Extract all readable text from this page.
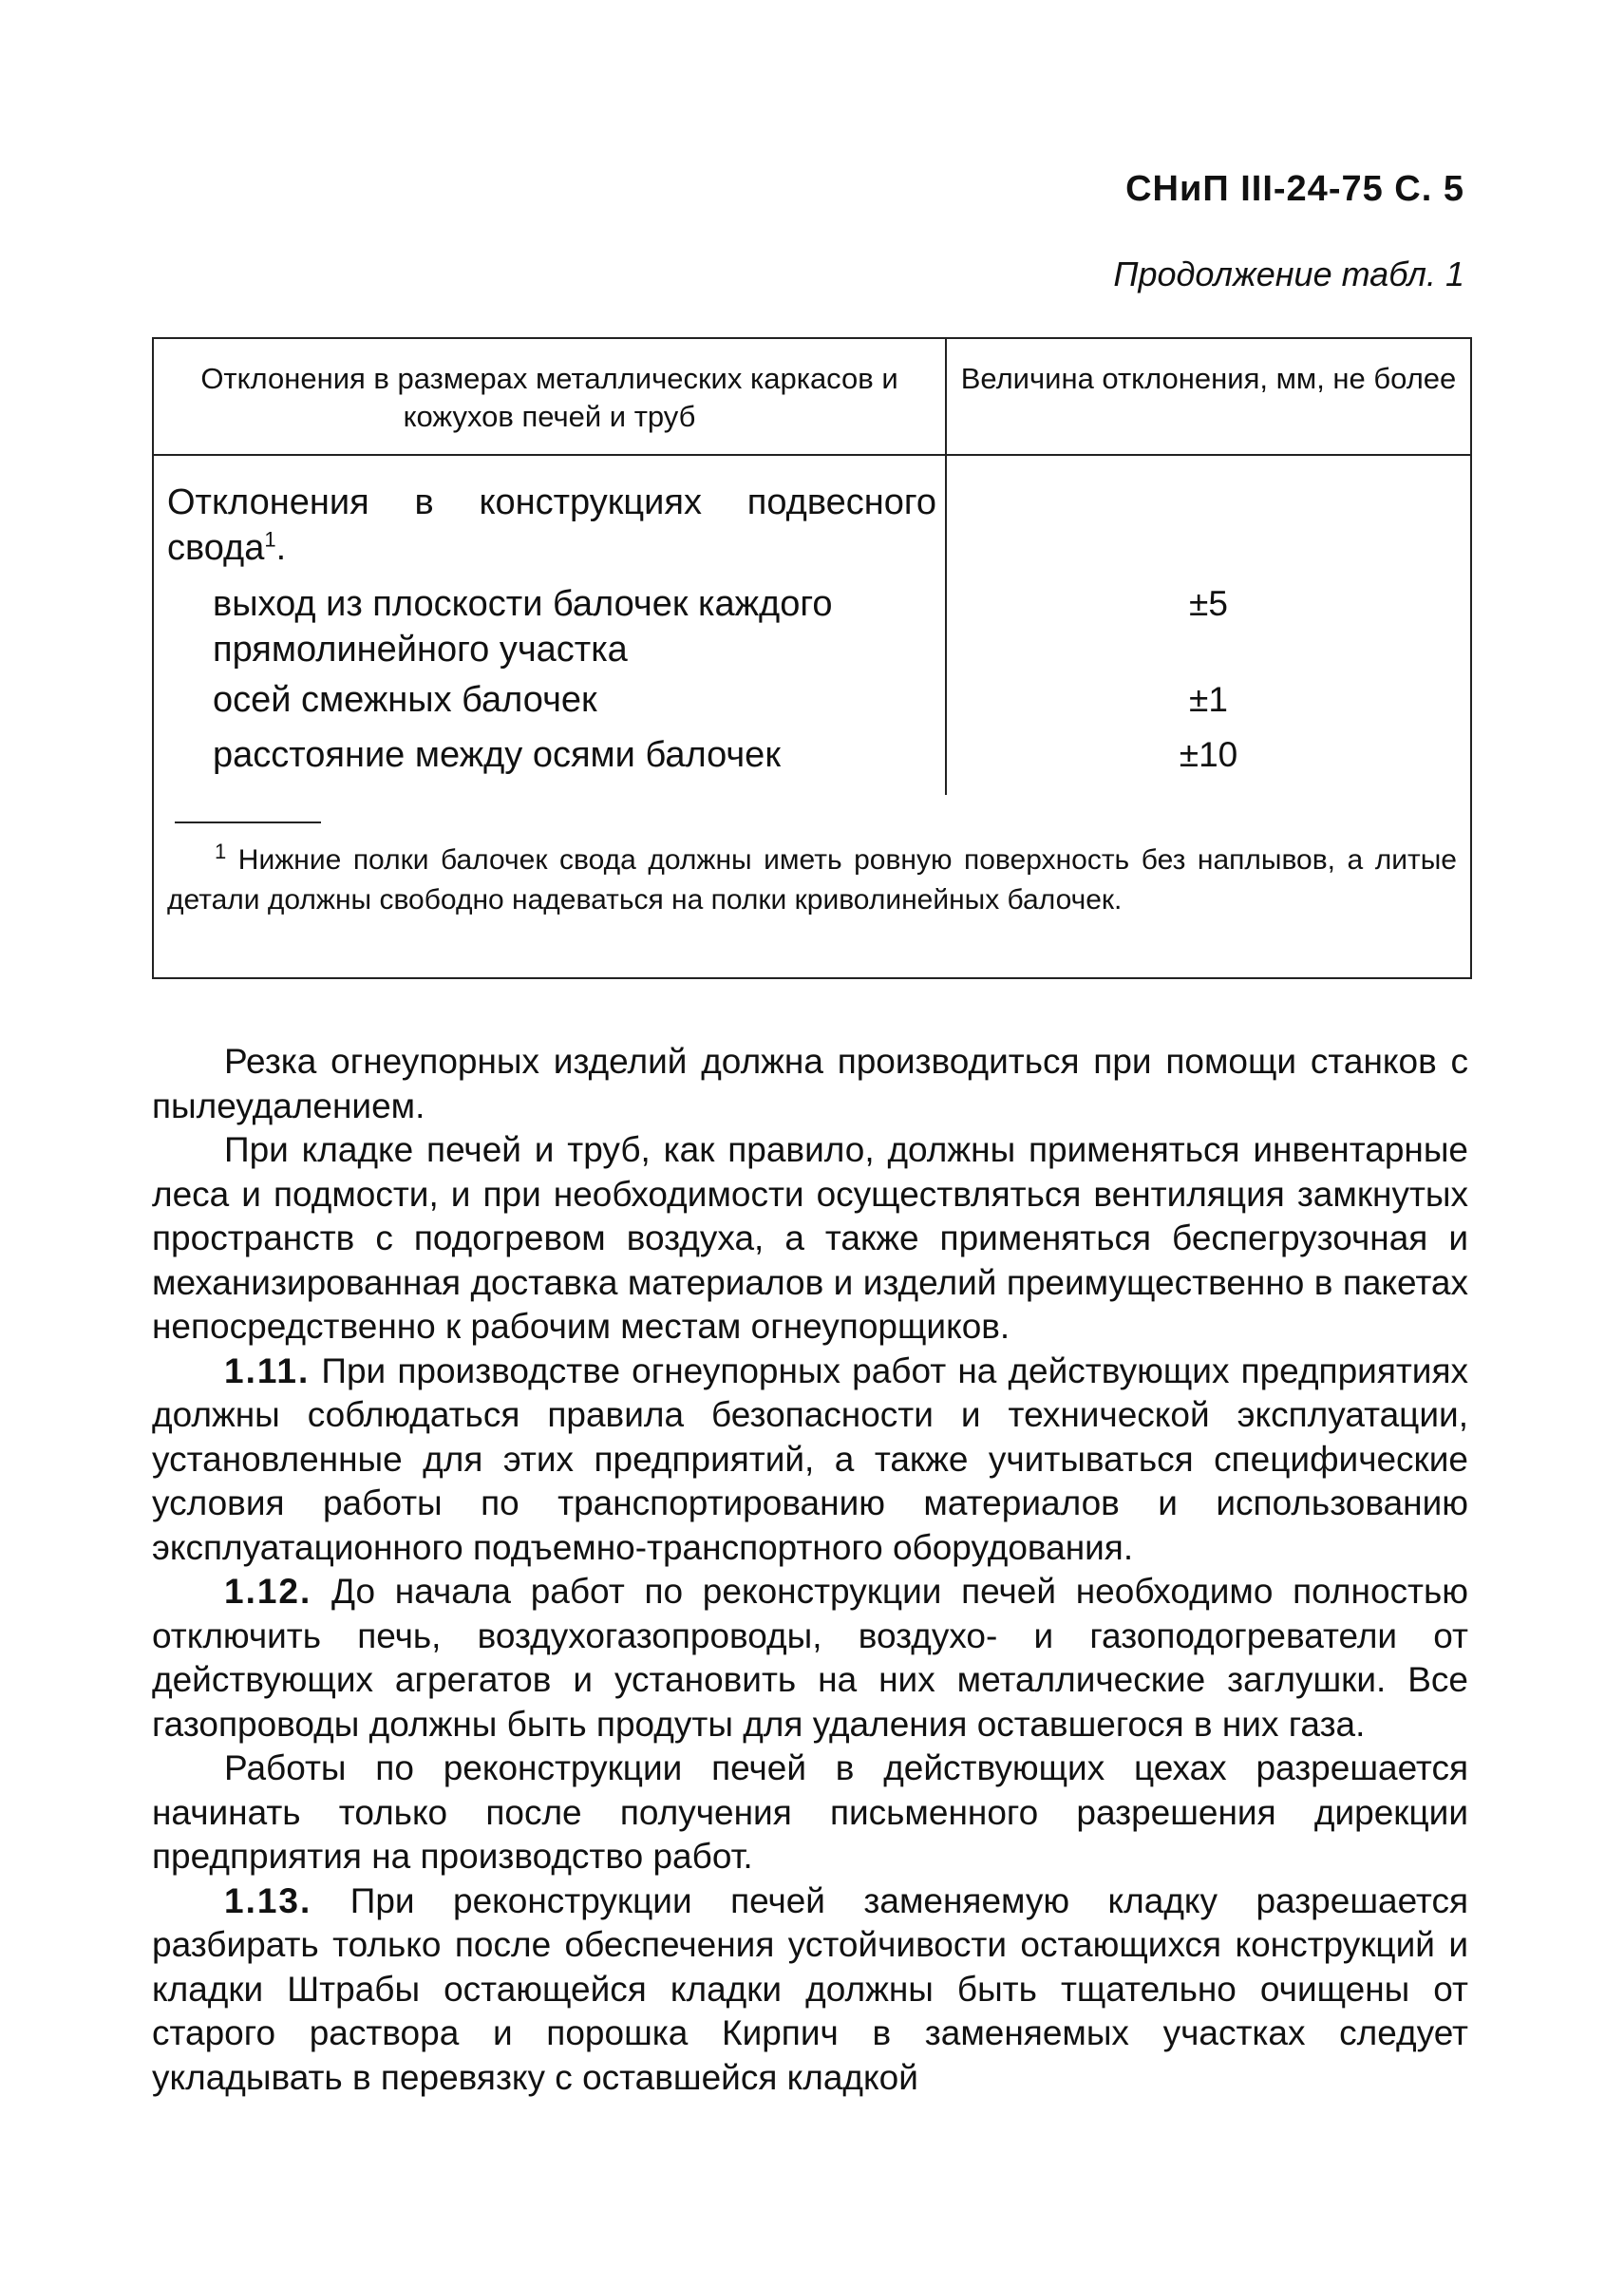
СНиП III-24-75 С. 5
Продолжение табл. 1
Отклонения в размерах металлических каркасов и кожухов печей и труб
Величина отклонения, мм, не более
Отклонения в конструкциях подвесного свода$^1$.
выход из плоскости балочек каждого прямолинейного участка
±5
осей смежных балочек	±1
расстояние между осями балочек	±10
$^1$ Нижние полки балочек свода должны иметь ровную поверхность без наплывов, а литые детали должны свободно надеваться на полки криволинейных балочек.

Резка огнеупорных изделий должна производиться при помощи станков с пылеудалением.

При кладке печей и труб, как правило, должны применяться инвентарные леса и подмости, и при необходимости осуществляться вентиляция замкнутых пространств с подогревом воздуха, а также применяться беспегрузочная и механизированная доставка материалов и изделий преимущественно в пакетах непосредственно к рабочим местам огнеупорщиков.

1.11. При производстве огнеупорных работ на действующих предприятиях должны соблюдаться правила безопасности и технической эксплуатации, установленные для этих предприятий, а также учитываться специфические условия работы по транспортированию материалов и использованию эксплуатационного подъемно-транспортного оборудования.

1.12. До начала работ по реконструкции печей необходимо полностью отключить печь, воздухогазопроводы, воздухо- и газоподогреватели от действующих агрегатов и установить на них металлические заглушки. Все газопроводы должны быть продуты для удаления оставшегося в них газа.

Работы по реконструкции печей в действующих цехах разрешается начинать только после получения письменного разрешения дирекции предприятия на производство работ.

1.13. При реконструкции печей заменяемую кладку разрешается разбирать только после обеспечения устойчивости остающихся конструкций и кладки Штрабы остающейся кладки должны быть тщательно очищены от старого раствора и порошка Кирпич в заменяемых участках следует укладывать в перевязку с оставшейся кладкой
